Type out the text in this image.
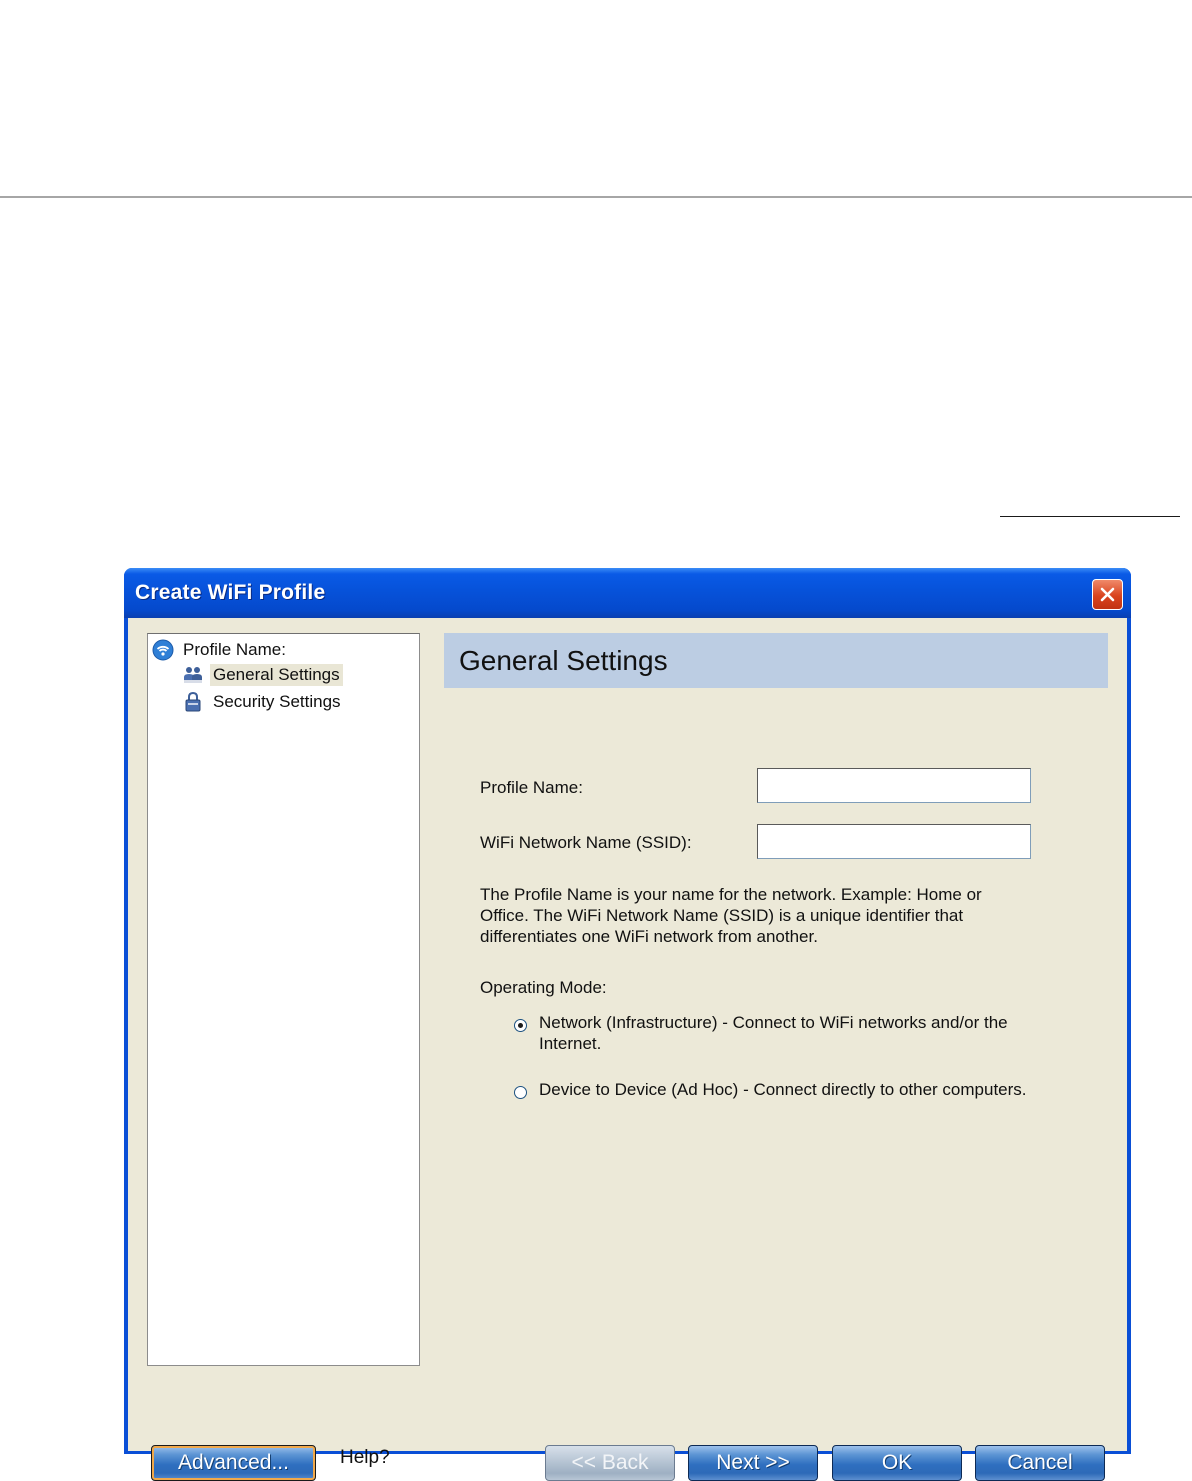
Create WiFi Profile
Profile Name:
General Settings
Security Settings
General Settings
Profile Name:
WiFi Network Name (SSID):
The Profile Name is your name for the network. Example: Home or Office. The WiFi Network Name (SSID) is a unique identifier that differentiates one WiFi network from another.
Operating Mode:
Network (Infrastructure) - Connect to WiFi networks and/or the Internet.
Device to Device (Ad Hoc) - Connect directly to other computers.
Advanced...	Help?	<< Back	Next >>	OK	Cancel
